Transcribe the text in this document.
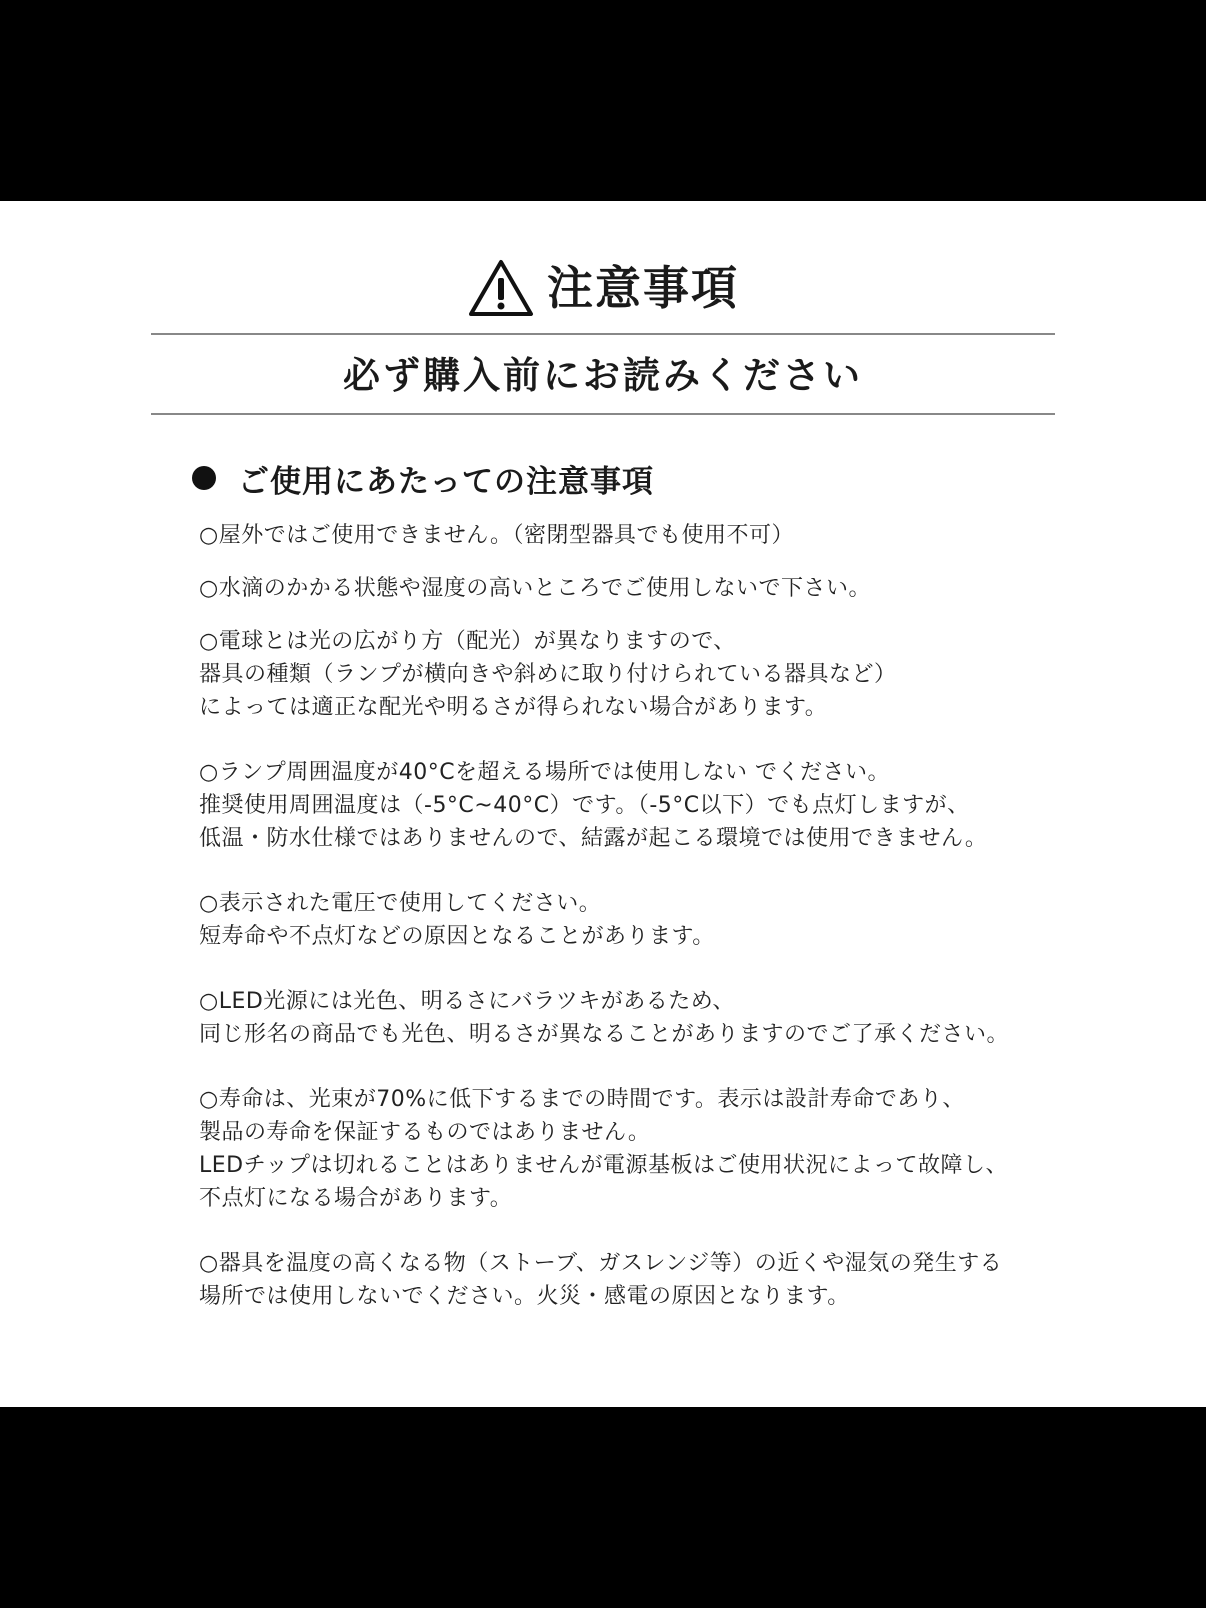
注意事項
必ず購入前にお読みください
ご使用にあたっての注意事項

○屋外ではご使用できません。（密閉型器具でも使用不可）

○水滴のかかる状態や湿度の高いところでご使用しないで下さい。

○電球とは光の広がり方（配光）が異なりますので、
器具の種類（ランプが横向きや斜めに取り付けられている器具など）
によっては適正な配光や明るさが得られない場合があります。

○ランプ周囲温度が40°Cを超える場所では使用しない でください。
推奨使用周囲温度は（-5°C~40°C）です。（-5°C以下）でも点灯しますが、
低温・防水仕様ではありませんので、結露が起こる環境では使用できません。

○表示された電圧で使用してください。
短寿命や不点灯などの原因となることがあります。

○LED光源には光色、明るさにバラツキがあるため、
同じ形名の商品でも光色、明るさが異なることがありますのでご了承ください。

○寿命は、光束が70%に低下するまでの時間です。表示は設計寿命であり、
製品の寿命を保証するものではありません。
LEDチップは切れることはありませんが電源基板はご使用状況によって故障し、
不点灯になる場合があります。

○器具を温度の高くなる物（ストーブ、ガスレンジ等）の近くや湿気の発生する
場所では使用しないでください。火災・感電の原因となります。
